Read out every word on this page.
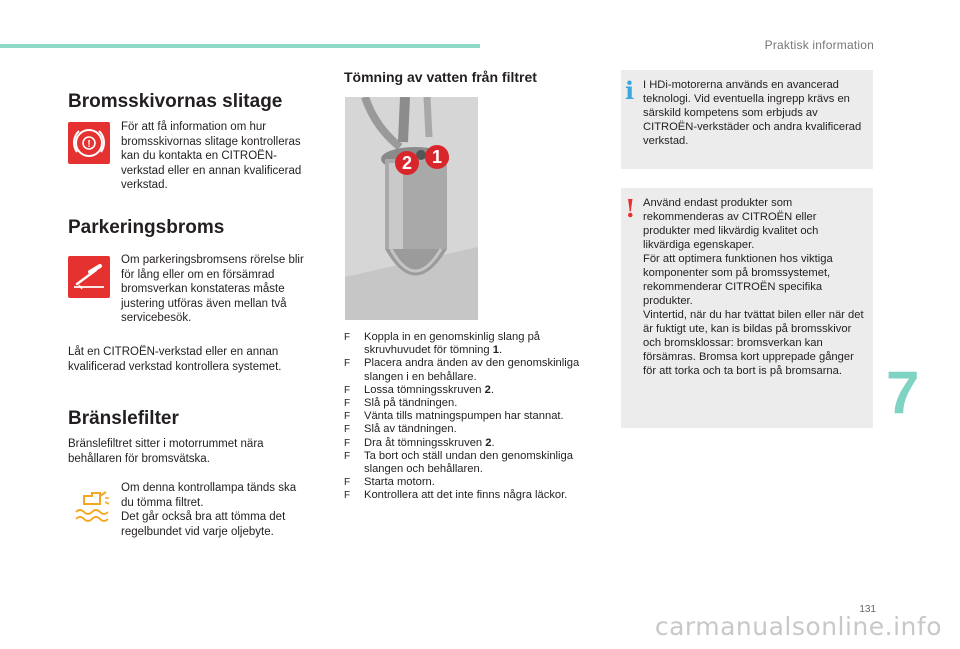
Praktisk information
7
131
carmanualsonline.info
Bromsskivornas slitage
!

För att få information om hur bromsskivornas slitage kontrolleras kan du kontakta en CITROËN-verkstad eller en annan kvalificerad verkstad.

Parkeringsbroms

Om parkeringsbromsens rörelse blir för lång eller om en försämrad bromsverkan konstateras måste justering utföras även mellan två servicebesök.

Låt en CITROËN-verkstad eller en annan kvalificerad verkstad kontrollera systemet.

Bränslefilter

Bränslefiltret sitter i motorrummet nära behållaren för bromsvätska.

Om denna kontrollampa tänds ska du tömma filtret.
Det går också bra att tömma det regelbundet vid varje oljebyte.

Tömning av vatten från filtret
2	1
F Koppla in en genomskinlig slang på skruvhuvudet för tömning 1.
F Placera andra änden av den genomskinliga slangen i en behållare.
F Lossa tömningsskruven 2.
F Slå på tändningen.
F Vänta tills matningspumpen har stannat.
F Slå av tändningen.
F Dra åt tömningsskruven 2.
F Ta bort och ställ undan den genomskinliga slangen och behållaren.
F Starta motorn.
F Kontrollera att det inte finns några läckor.
i I HDi-motorerna används en avancerad teknologi. Vid eventuella ingrepp krävs en särskild kompetens som erbjuds av CITROËN-verkstäder och andra kvalificerad verkstad.

! Använd endast produkter som rekommenderas av CITROËN eller produkter med likvärdig kvalitet och likvärdiga egenskaper.
För att optimera funktionen hos viktiga komponenter som på bromssystemet, rekommenderar CITROËN specifika produkter.
Vintertid, när du har tvättat bilen eller när det är fuktigt ute, kan is bildas på bromsskivor och bromsklossar: bromsverkan kan försämras. Bromsa kort upprepade gånger för att torka och ta bort is på bromsarna.
